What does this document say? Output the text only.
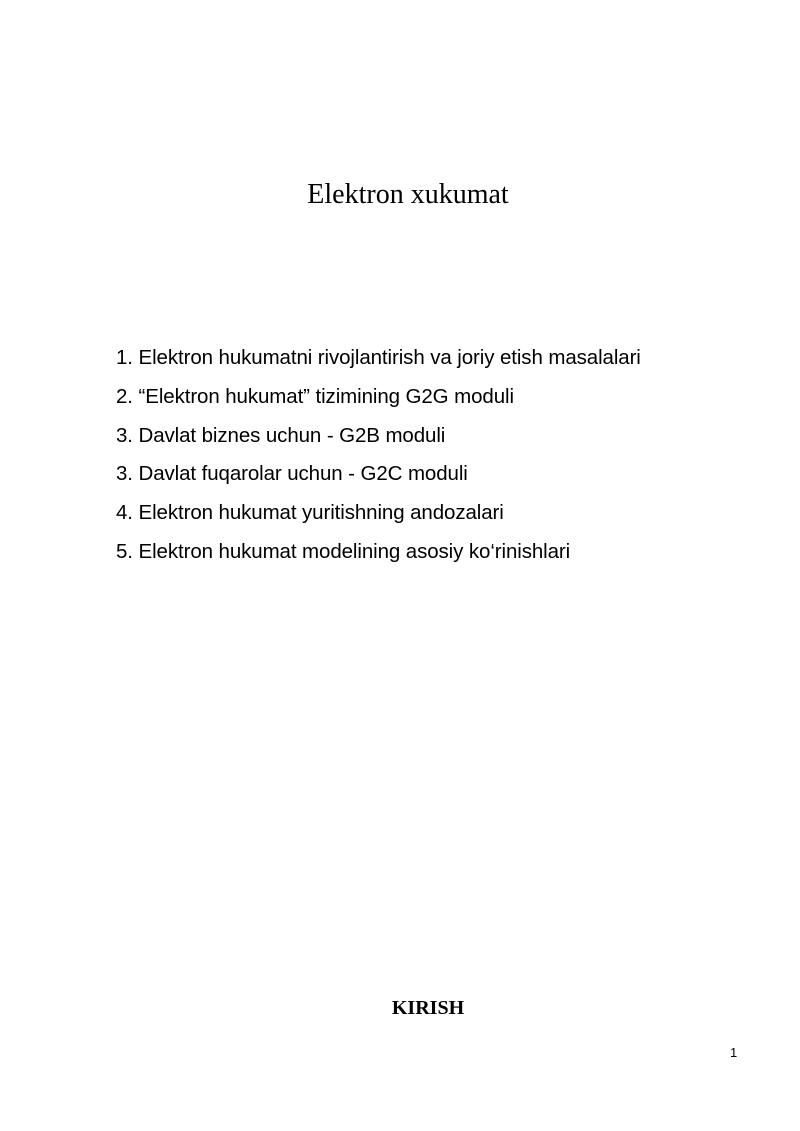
Elektron xukumat
1. Elektron hukumatni rivojlantirish va joriy etish masalalari
2. “Elektron hukumat” tizimining G2G moduli
3. Davlat biznes uchun - G2B moduli
3. Davlat fuqarolar uchun - G2C moduli
4. Elektron hukumat yuritishning andozalari
5. Elektron hukumat modelining asosiy ko‘rinishlari
KIRISH
1
